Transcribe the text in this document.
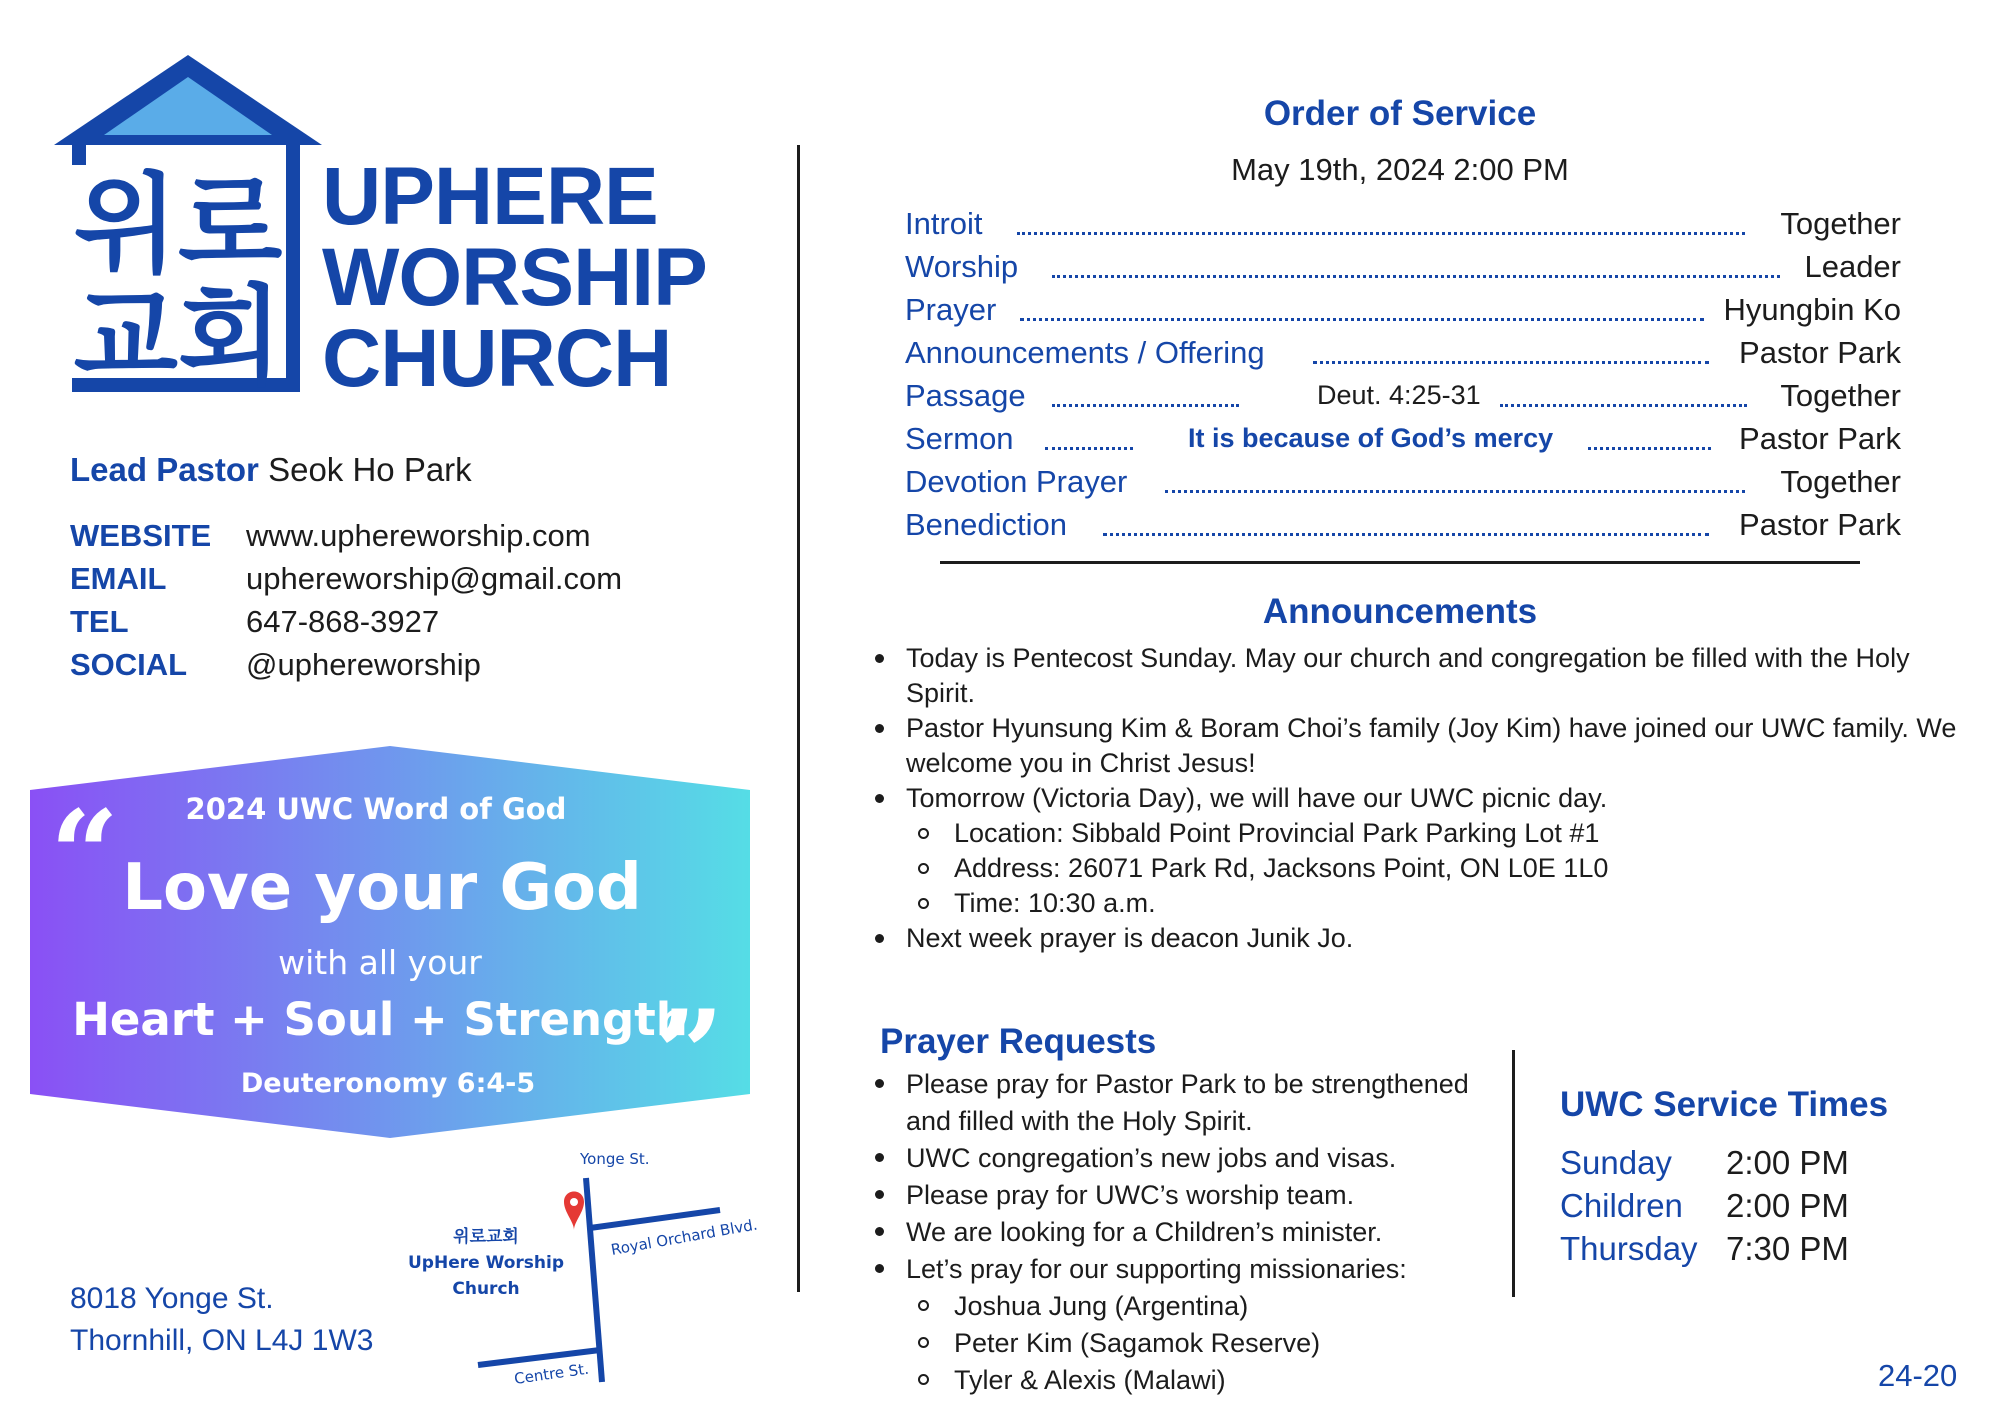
위로
교회
UPHERE
WORSHIP
CHURCH
Lead Pastor Seok Ho Park
WEBSITE www.uphereworship.com
EMAIL	uphereworship@gmail.com
TEL	647-868-3927
SOCIAL @uphereworship
“
”
2024 UWC Word of God
Love your God
with all your
Heart + Soul + Strength
Deuteronomy 6:4-5
Yonge St.
Royal Orchard Blvd.
Centre St.
위로교회
UpHere Worship
Church
8018 Yonge St.
Thornhill, ON L4J 1W3
Order of Service
May 19th, 2024 2:00 PM
Introit	Together
Worship	Leader
Prayer	Hyungbin Ko
Announcements / Offering	Pastor Park
Passage	Deut. 4:25-31	Together
Sermon	It is because of God’s mercy	Pastor Park
Devotion Prayer	Together
Benediction	Pastor Park
Announcements
Today is Pentecost Sunday. May our church and congregation be filled with the Holy Spirit.
Pastor Hyunsung Kim & Boram Choi’s family (Joy Kim) have joined our UWC family. We welcome you in Christ Jesus!
Tomorrow (Victoria Day), we will have our UWC picnic day.
Location: Sibbald Point Provincial Park Parking Lot #1
Address: 26071 Park Rd, Jacksons Point, ON L0E 1L0
Time: 10:30 a.m.
Next week prayer is deacon Junik Jo.
Prayer Requests
Please pray for Pastor Park to be strengthened and filled with the Holy Spirit.
UWC congregation’s new jobs and visas.
Please pray for UWC’s worship team.
We are looking for a Children’s minister.
Let’s pray for our supporting missionaries:
Joshua Jung (Argentina)
Peter Kim (Sagamok Reserve)
Tyler & Alexis (Malawi)
UWC Service Times
Sunday 2:00 PM
Children 2:00 PM
Thursday 7:30 PM
24-20
